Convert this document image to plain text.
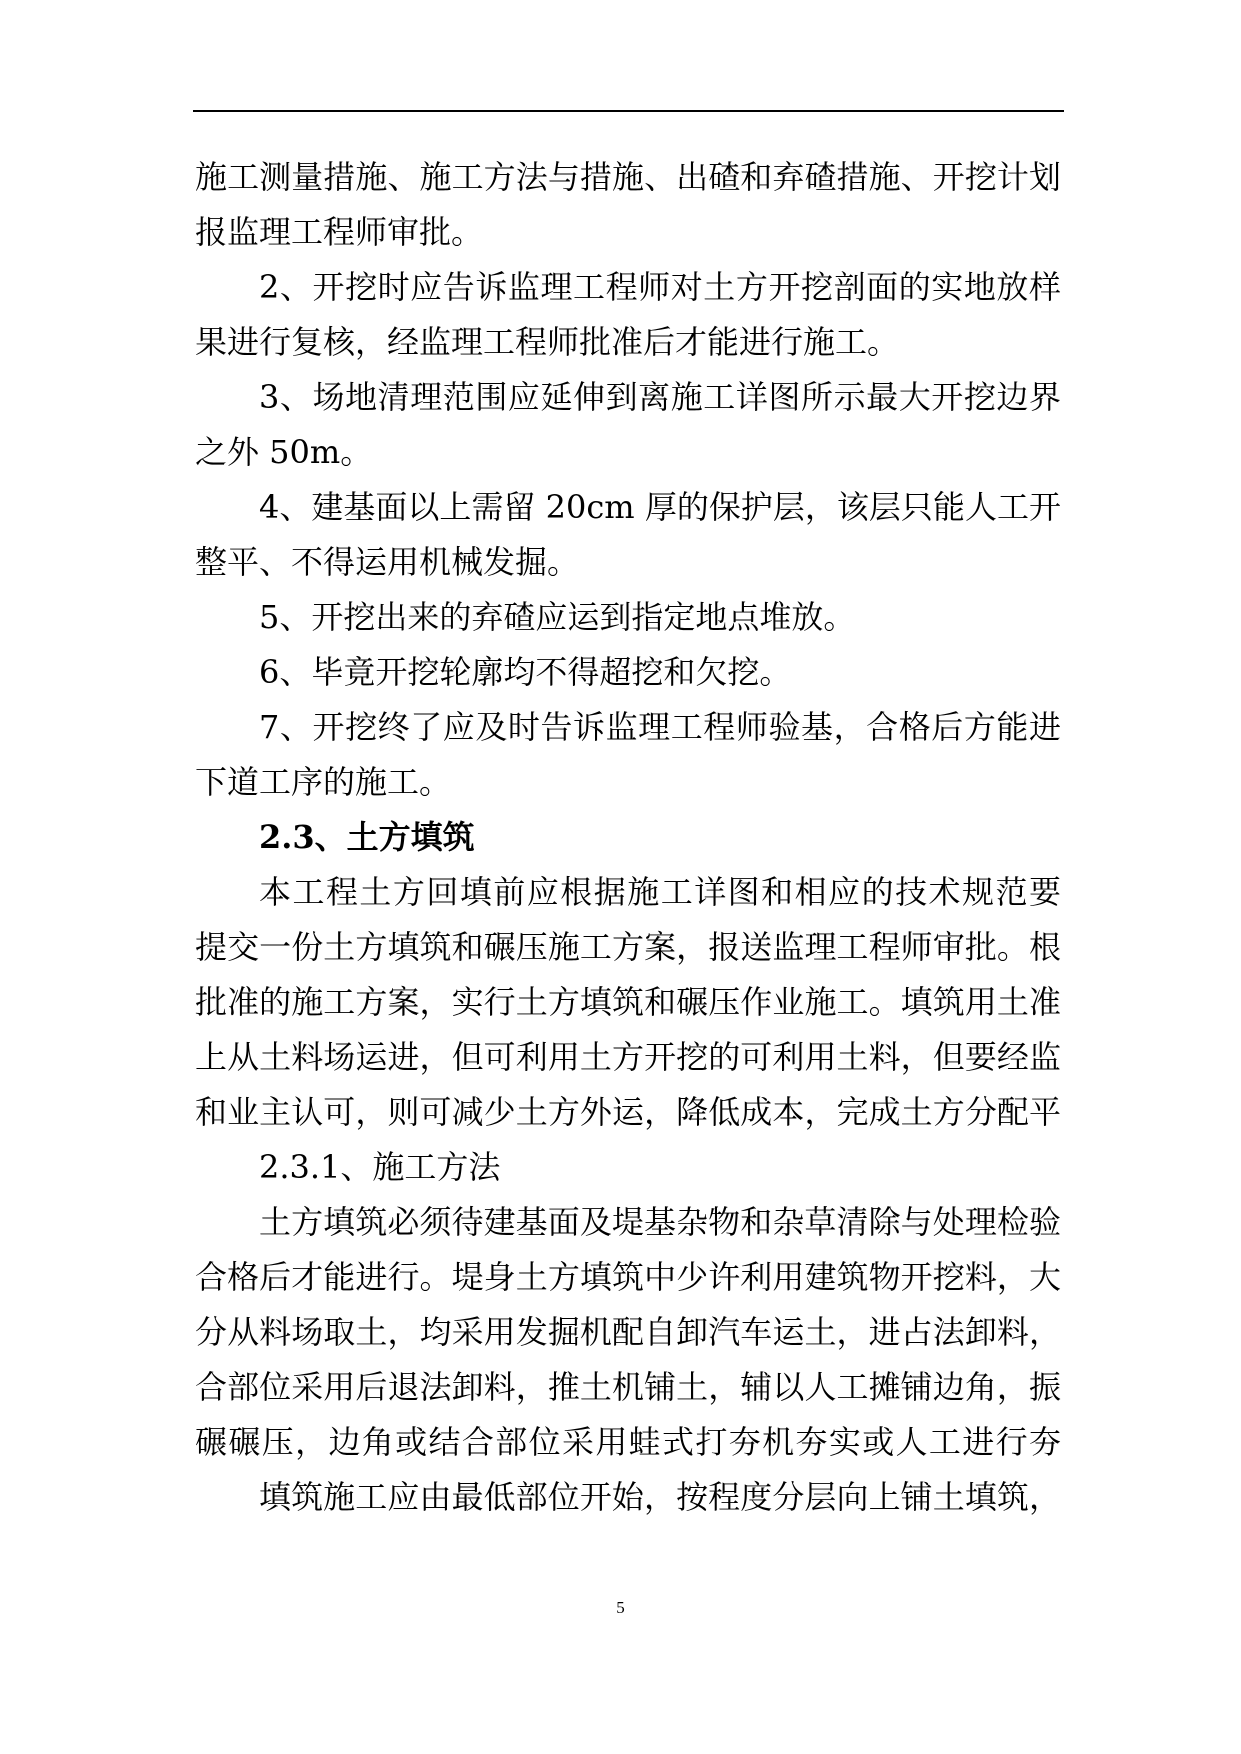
施工测量措施、施工方法与措施、出碴和弃碴措施、开挖计划
报监理工程师审批。
2、开挖时应告诉监理工程师对土方开挖剖面的实地放样
果进行复核，经监理工程师批准后才能进行施工。
3、场地清理范围应延伸到离施工详图所示最大开挖边界
之外 50m。
4、建基面以上需留 20cm 厚的保护层，该层只能人工开
整平、不得运用机械发掘。
5、开挖出来的弃碴应运到指定地点堆放。
6、毕竟开挖轮廓均不得超挖和欠挖。
7、开挖终了应及时告诉监理工程师验基，合格后方能进
下道工序的施工。
2.3、土方填筑
本工程土方回填前应根据施工详图和相应的技术规范要
提交一份土方填筑和碾压施工方案，报送监理工程师审批。根
批准的施工方案，实行土方填筑和碾压作业施工。填筑用土准
上从土料场运进，但可利用土方开挖的可利用土料，但要经监
和业主认可，则可减少土方外运，降低成本，完成土方分配平
2.3.1、施工方法
土方填筑必须待建基面及堤基杂物和杂草清除与处理检验
合格后才能进行。堤身土方填筑中少许利用建筑物开挖料，大
分从料场取土，均采用发掘机配自卸汽车运土，进占法卸料，
合部位采用后退法卸料，推土机铺土，辅以人工摊铺边角，振
碾碾压，边角或结合部位采用蛙式打夯机夯实或人工进行夯
填筑施工应由最低部位开始，按程度分层向上铺土填筑，
5
